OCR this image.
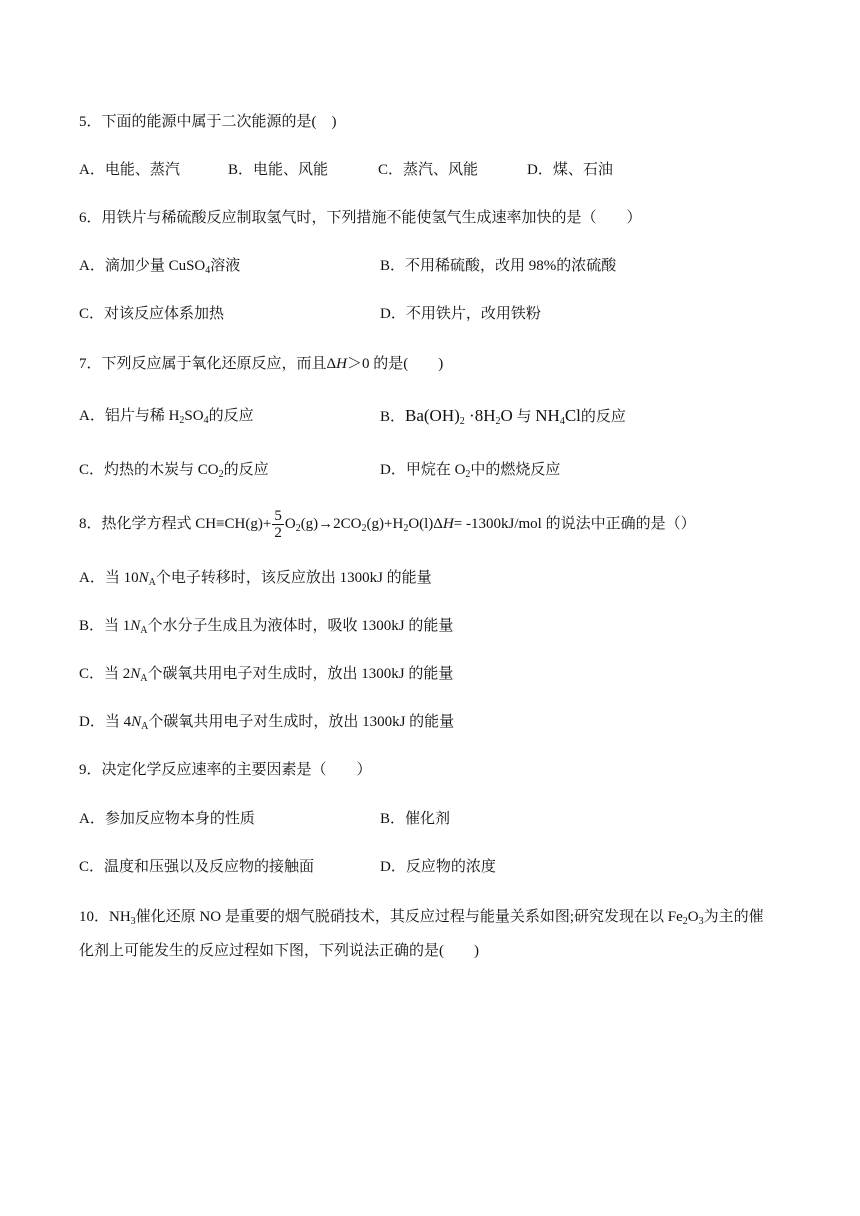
5．下面的能源中属于二次能源的是(　)
A．电能、蒸汽	B．电能、风能	C．蒸汽、风能	D．煤、石油
6．用铁片与稀硫酸反应制取氢气时，下列措施不能使氢气生成速率加快的是（　　）
A．滴加少量 CuSO$_4$溶液	B．不用稀硫酸，改用 98%的浓硫酸
C．对该反应体系加热	D．不用铁片，改用铁粉
7．下列反应属于氧化还原反应，而且ΔH＞0 的是(　　)
A．铝片与稀 $H_2SO_4$的反应	B．$Ba(OH)_2 \cdot 8H_2O$ 与 $NH_4Cl$的反应
C．灼热的木炭与 $CO_2$的反应	D．甲烷在 $O_2$中的燃烧反应
8．热化学方程式 $CH\equiv CH(g)+ \frac{5}{2} O_2(g)\to 2CO_2(g)+H_2O(l)\Delta H= -1300kJ/mol$ 的说法中正确的是（）
A．当 $10N_A$个电子转移时，该反应放出 1300kJ 的能量
B．当 $1N_A$个水分子生成且为液体时，吸收 1300kJ 的能量
C．当 $2N_A$个碳氧共用电子对生成时，放出 1300kJ 的能量
D．当 $4N_A$个碳氧共用电子对生成时，放出 1300kJ 的能量
9．决定化学反应速率的主要因素是（　　）
A．参加反应物本身的性质	B．催化剂
C．温度和压强以及反应物的接触面	D．反应物的浓度
10．$NH_3$催化还原 NO 是重要的烟气脱硝技术，其反应过程与能量关系如图;研究发现在以 $Fe_2O_3$为主的催
化剂上可能发生的反应过程如下图，下列说法正确的是(　　)
